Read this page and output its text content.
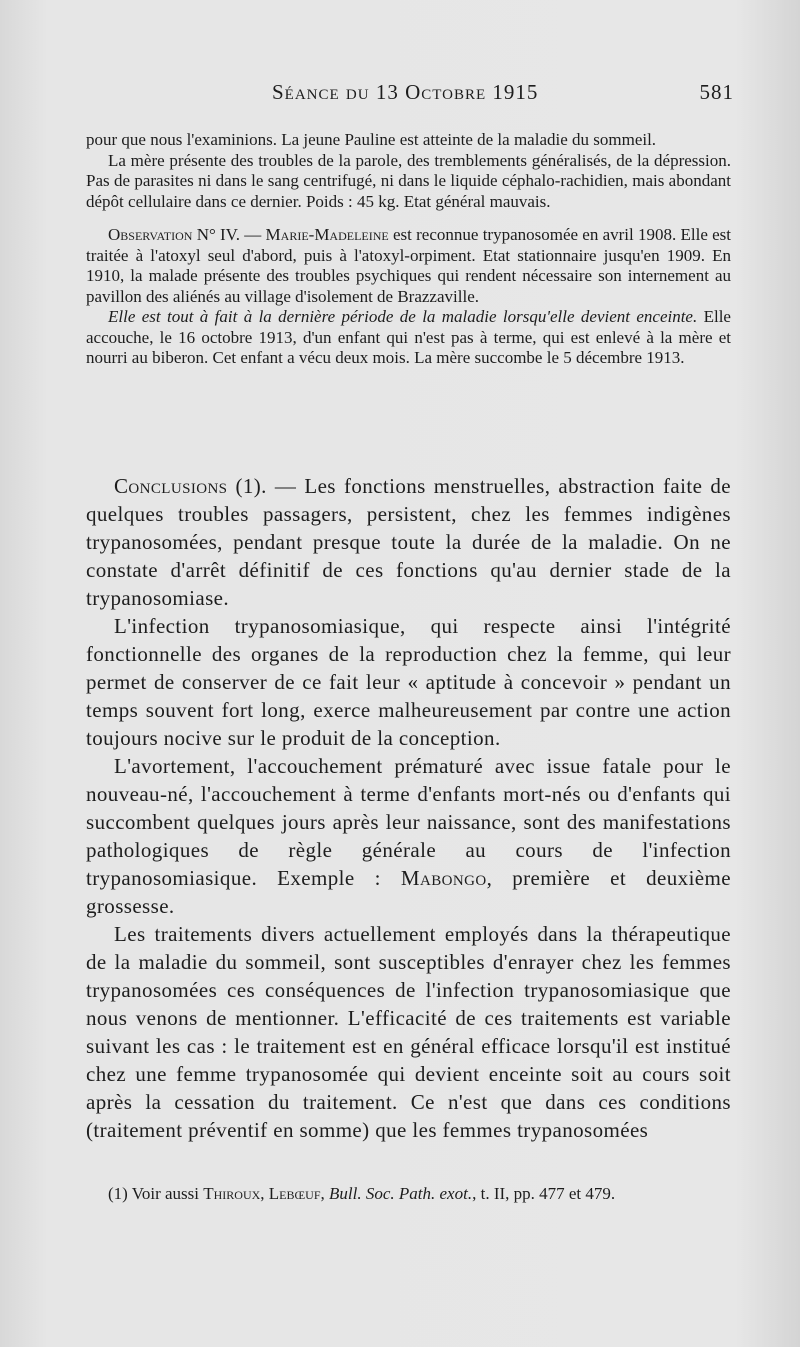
Séance du 13 Octobre 1915	581

pour que nous l'examinions. La jeune Pauline est atteinte de la maladie du sommeil.

La mère présente des troubles de la parole, des tremblements généralisés, de la dépression. Pas de parasites ni dans le sang centrifugé, ni dans le liquide céphalo-rachidien, mais abondant dépôt cellulaire dans ce dernier. Poids : 45 kg. Etat général mauvais.

Observation N° IV. — Marie-Madeleine est reconnue trypanosomée en avril 1908. Elle est traitée à l'atoxyl seul d'abord, puis à l'atoxyl-orpiment. Etat stationnaire jusqu'en 1909. En 1910, la malade présente des troubles psychiques qui rendent nécessaire son internement au pavillon des aliénés au village d'isolement de Brazzaville.

Elle est tout à fait à la dernière période de la maladie lorsqu'elle devient enceinte. Elle accouche, le 16 octobre 1913, d'un enfant qui n'est pas à terme, qui est enlevé à la mère et nourri au biberon. Cet enfant a vécu deux mois. La mère succombe le 5 décembre 1913.

Conclusions (1). — Les fonctions menstruelles, abstraction faite de quelques troubles passagers, persistent, chez les femmes indigènes trypanosomées, pendant presque toute la durée de la maladie. On ne constate d'arrêt définitif de ces fonctions qu'au dernier stade de la trypanosomiase.

L'infection trypanosomiasique, qui respecte ainsi l'intégrité fonctionnelle des organes de la reproduction chez la femme, qui leur permet de conserver de ce fait leur « aptitude à concevoir » pendant un temps souvent fort long, exerce malheureusement par contre une action toujours nocive sur le produit de la conception.

L'avortement, l'accouchement prématuré avec issue fatale pour le nouveau-né, l'accouchement à terme d'enfants mort-nés ou d'enfants qui succombent quelques jours après leur naissance, sont des manifestations pathologiques de règle générale au cours de l'infection trypanosomiasique. Exemple : Mabongo, première et deuxième grossesse.

Les traitements divers actuellement employés dans la thérapeutique de la maladie du sommeil, sont susceptibles d'enrayer chez les femmes trypanosomées ces conséquences de l'infection trypanosomiasique que nous venons de mentionner. L'efficacité de ces traitements est variable suivant les cas : le traitement est en général efficace lorsqu'il est institué chez une femme trypanosomée qui devient enceinte soit au cours soit après la cessation du traitement. Ce n'est que dans ces conditions (traitement préventif en somme) que les femmes trypanosomées

(1) Voir aussi Thiroux, Lebœuf, Bull. Soc. Path. exot., t. II, pp. 477 et 479.
